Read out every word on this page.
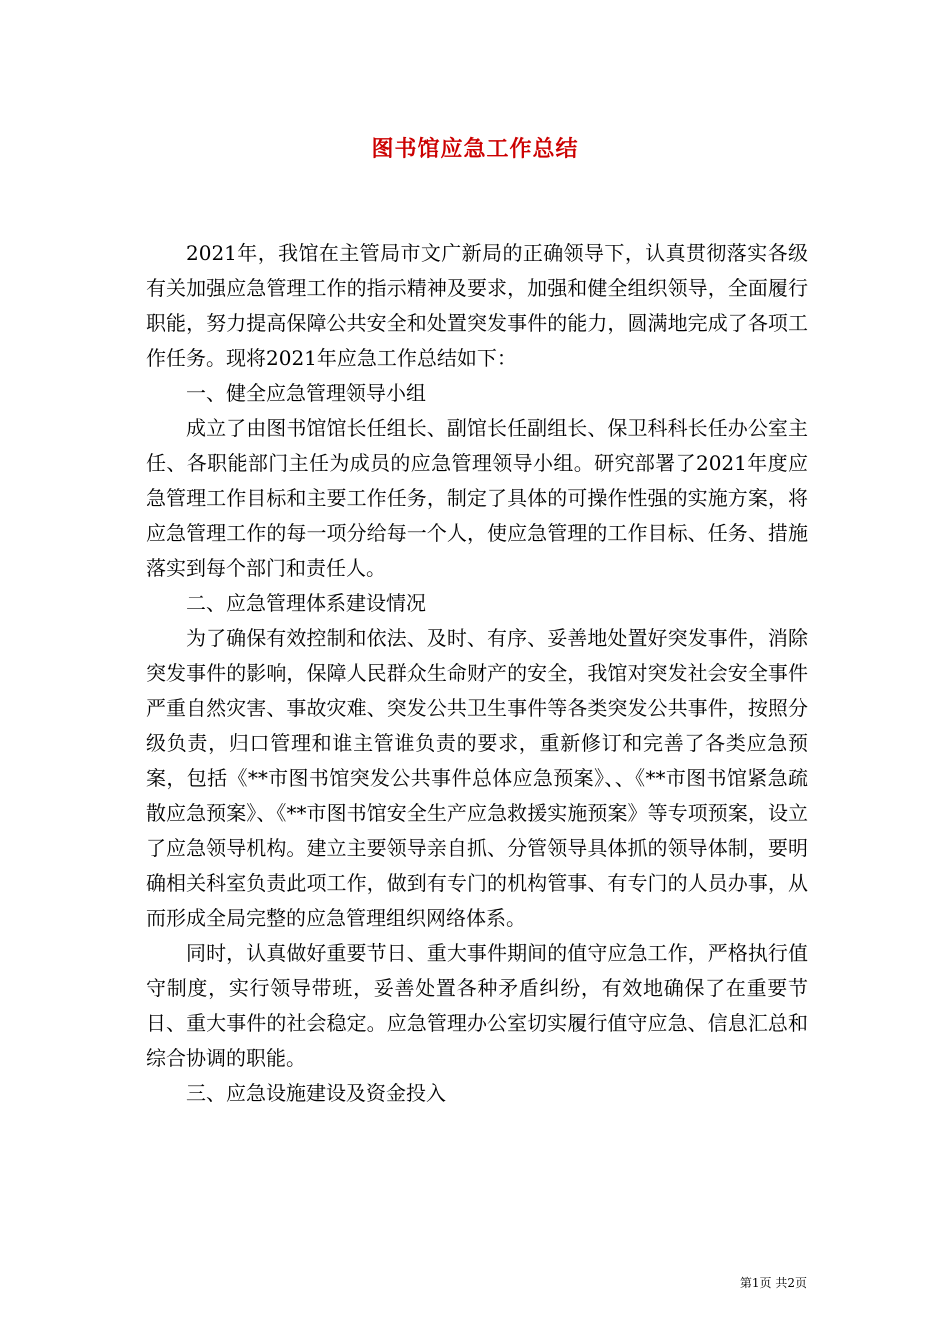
图书馆应急工作总结

2021年，我馆在主管局市文广新局的正确领导下，认真贯彻落实各级有关加强应急管理工作的指示精神及要求，加强和健全组织领导，全面履行职能，努力提高保障公共安全和处置突发事件的能力，圆满地完成了各项工作任务。现将2021年应急工作总结如下：

一、健全应急管理领导小组

成立了由图书馆馆长任组长、副馆长任副组长、保卫科科长任办公室主任、各职能部门主任为成员的应急管理领导小组。研究部署了2021年度应急管理工作目标和主要工作任务，制定了具体的可操作性强的实施方案，将应急管理工作的每一项分给每一个人，使应急管理的工作目标、任务、措施落实到每个部门和责任人。

二、应急管理体系建设情况

为了确保有效控制和依法、及时、有序、妥善地处置好突发事件，消除突发事件的影响，保障人民群众生命财产的安全，我馆对突发社会安全事件严重自然灾害、事故灾难、突发公共卫生事件等各类突发公共事件，按照分级负责，归口管理和谁主管谁负责的要求，重新修订和完善了各类应急预案，包括《**市图书馆突发公共事件总体应急预案》、、《**市图书馆紧急疏散应急预案》、《**市图书馆安全生产应急救援实施预案》等专项预案，设立了应急领导机构。建立主要领导亲自抓、分管领导具体抓的领导体制，要明确相关科室负责此项工作，做到有专门的机构管事、有专门的人员办事，从而形成全局完整的应急管理组织网络体系。

同时，认真做好重要节日、重大事件期间的值守应急工作，严格执行值守制度，实行领导带班，妥善处置各种矛盾纠纷，有效地确保了在重要节日、重大事件的社会稳定。应急管理办公室切实履行值守应急、信息汇总和综合协调的职能。

三、应急设施建设及资金投入

第1页 共2页
